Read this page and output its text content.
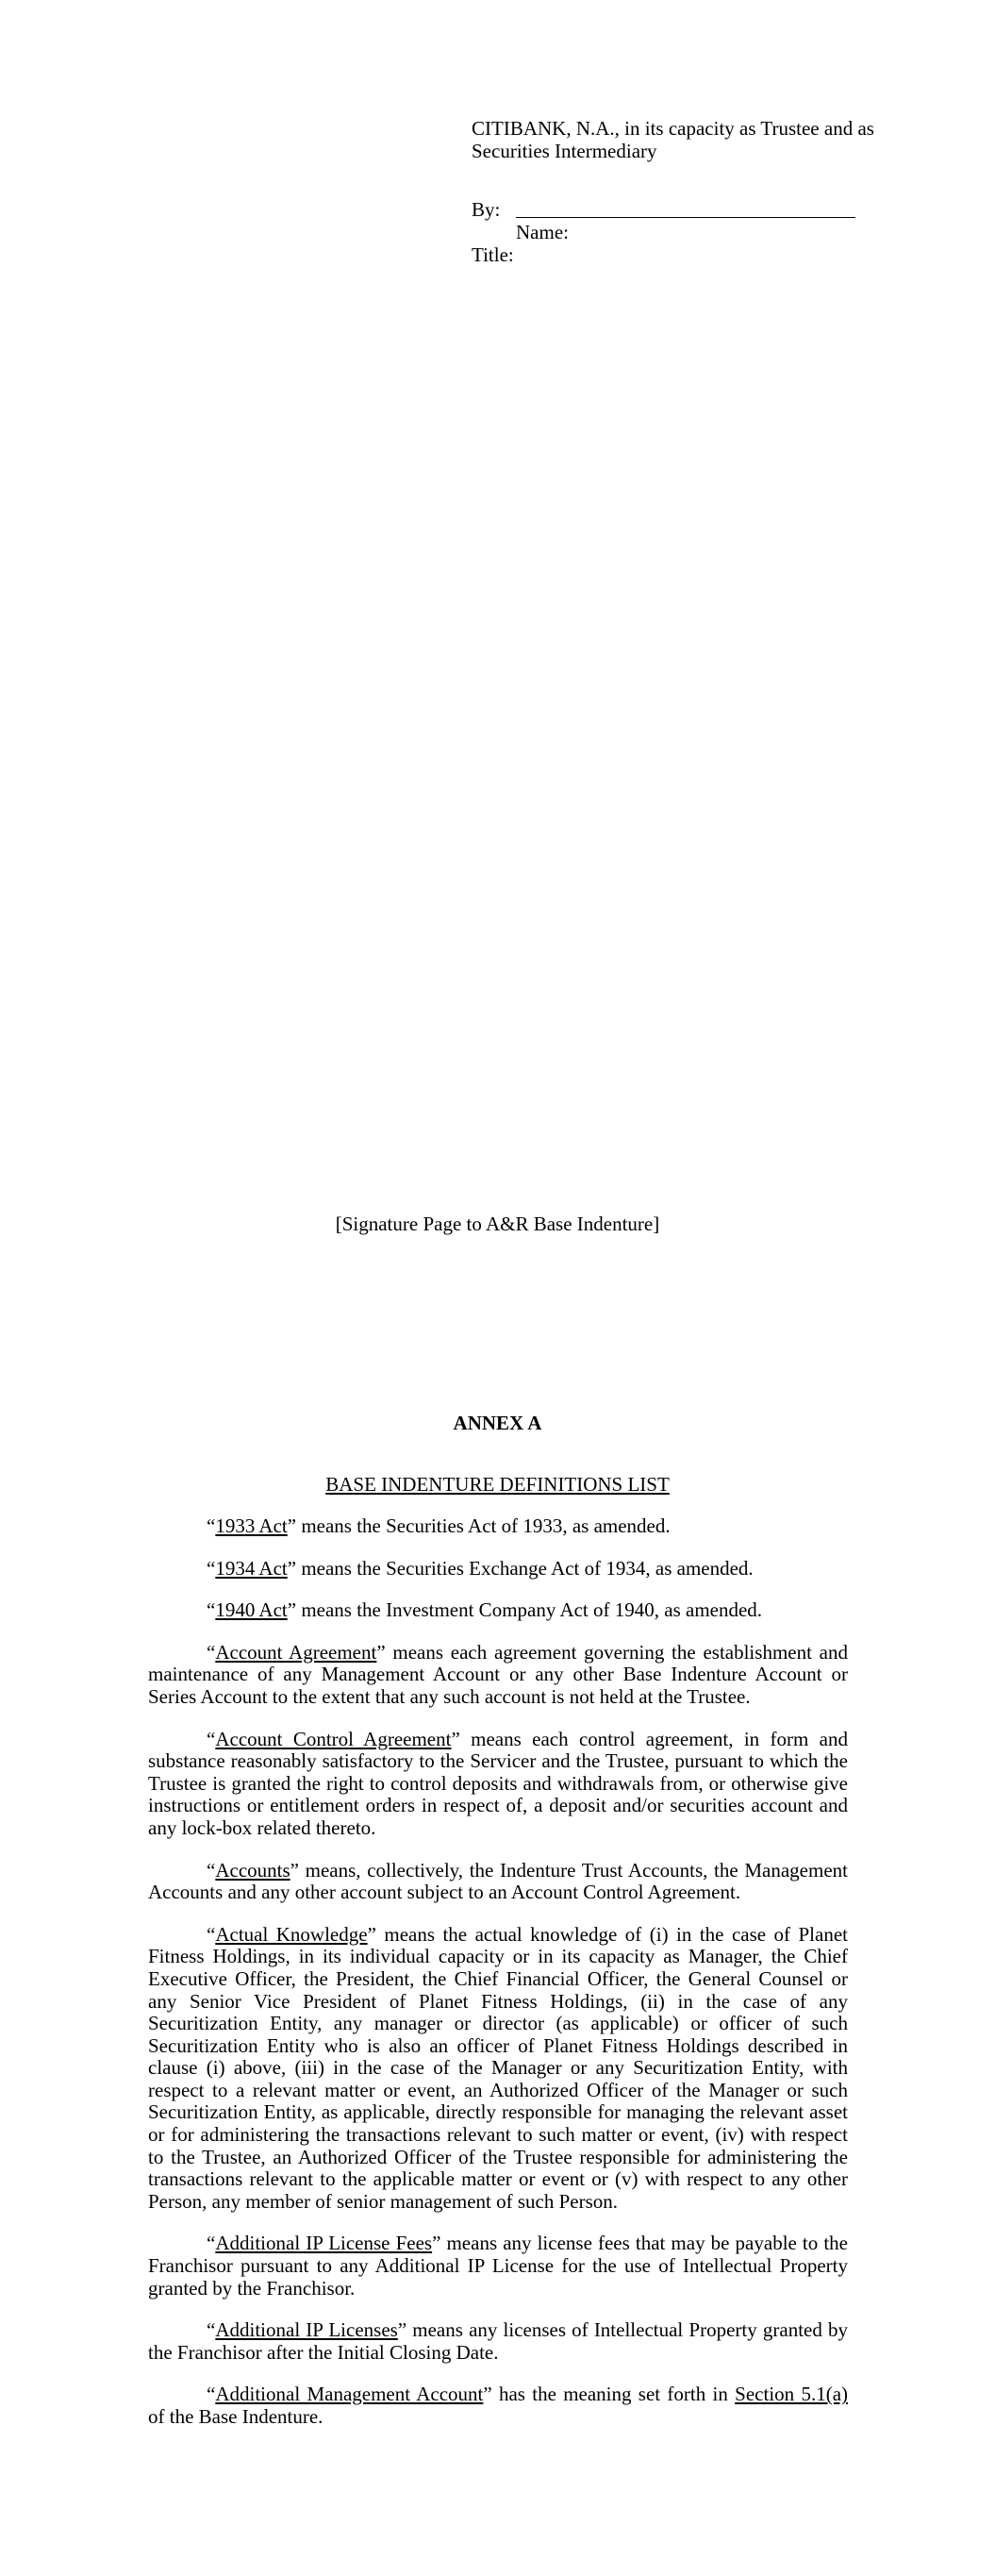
CITIBANK, N.A., in its capacity as Trustee and as Securities Intermediary
By:
Name:
Title:
[Signature Page to A&R Base Indenture]
ANNEX A
BASE INDENTURE DEFINITIONS LIST

“1933 Act” means the Securities Act of 1933, as amended.

“1934 Act” means the Securities Exchange Act of 1934, as amended.

“1940 Act” means the Investment Company Act of 1940, as amended.

“Account Agreement” means each agreement governing the establishment and maintenance of any Management Account or any other Base Indenture Account or Series Account to the extent that any such account is not held at the Trustee.

“Account Control Agreement” means each control agreement, in form and substance reasonably satisfactory to the Servicer and the Trustee, pursuant to which the Trustee is granted the right to control deposits and withdrawals from, or otherwise give instructions or entitlement orders in respect of, a deposit and/or securities account and any lock-box related thereto.

“Accounts” means, collectively, the Indenture Trust Accounts, the Management Accounts and any other account subject to an Account Control Agreement.

“Actual Knowledge” means the actual knowledge of (i) in the case of Planet Fitness Holdings, in its individual capacity or in its capacity as Manager, the Chief Executive Officer, the President, the Chief Financial Officer, the General Counsel or any Senior Vice President of Planet Fitness Holdings, (ii) in the case of any Securitization Entity, any manager or director (as applicable) or officer of such Securitization Entity who is also an officer of Planet Fitness Holdings described in clause (i) above, (iii) in the case of the Manager or any Securitization Entity, with respect to a relevant matter or event, an Authorized Officer of the Manager or such Securitization Entity, as applicable, directly responsible for managing the relevant asset or for administering the transactions relevant to such matter or event, (iv) with respect to the Trustee, an Authorized Officer of the Trustee responsible for administering the transactions relevant to the applicable matter or event or (v) with respect to any other Person, any member of senior management of such Person.

“Additional IP License Fees” means any license fees that may be payable to the Franchisor pursuant to any Additional IP License for the use of Intellectual Property granted by the Franchisor.

“Additional IP Licenses” means any licenses of Intellectual Property granted by the Franchisor after the Initial Closing Date.

“Additional Management Account” has the meaning set forth in Section 5.1(a) of the Base Indenture.
